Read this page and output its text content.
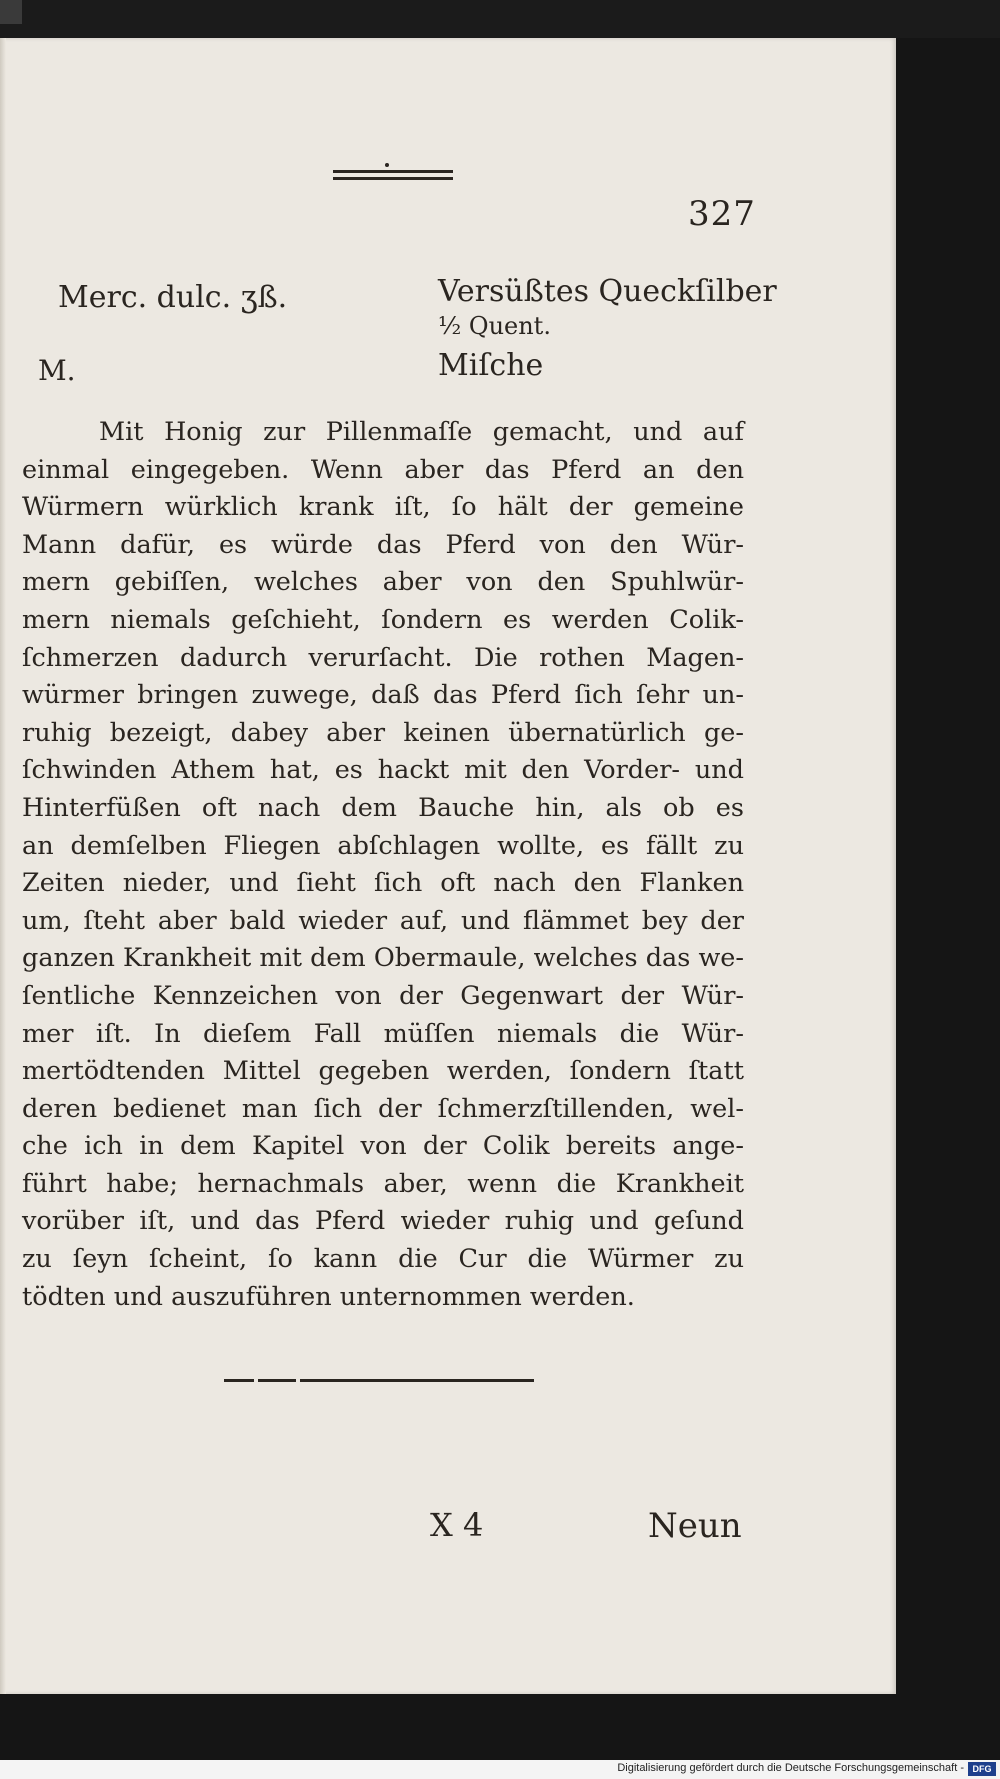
327
Merc. dulc. ʒß.	Versüßtes Queckſilber
½ Quent.
M.	Miſche
Mit Honig zur Pillenmaſſe gemacht, und auf
einmal eingegeben. Wenn aber das Pferd an den
Würmern würklich krank iſt, ſo hält der gemeine
Mann dafür, es würde das Pferd von den Wür-
mern gebiſſen, welches aber von den Spuhlwür-
mern niemals geſchieht, ſondern es werden Colik-
ſchmerzen dadurch verurſacht. Die rothen Magen-
würmer bringen zuwege, daß das Pferd ſich ſehr un-
ruhig bezeigt, dabey aber keinen übernatürlich ge-
ſchwinden Athem hat, es hackt mit den Vorder- und
Hinterfüßen oft nach dem Bauche hin, als ob es
an demſelben Fliegen abſchlagen wollte, es fällt zu
Zeiten nieder, und ſieht ſich oft nach den Flanken
um, ſteht aber bald wieder auf, und flämmet bey der
ganzen Krankheit mit dem Obermaule, welches das we-
ſentliche Kennzeichen von der Gegenwart der Wür-
mer iſt. In dieſem Fall müſſen niemals die Wür-
mertödtenden Mittel gegeben werden, ſondern ſtatt
deren bedienet man ſich der ſchmerzſtillenden, wel-
che ich in dem Kapitel von der Colik bereits ange-
führt habe; hernachmals aber, wenn die Krankheit
vorüber iſt, und das Pferd wieder ruhig und geſund
zu ſeyn ſcheint, ſo kann die Cur die Würmer zu
tödten und auszuführen unternommen werden.
X 4	Neun
Digitalisierung gefördert durch die Deutsche Forschungsgemeinschaft - DFG
